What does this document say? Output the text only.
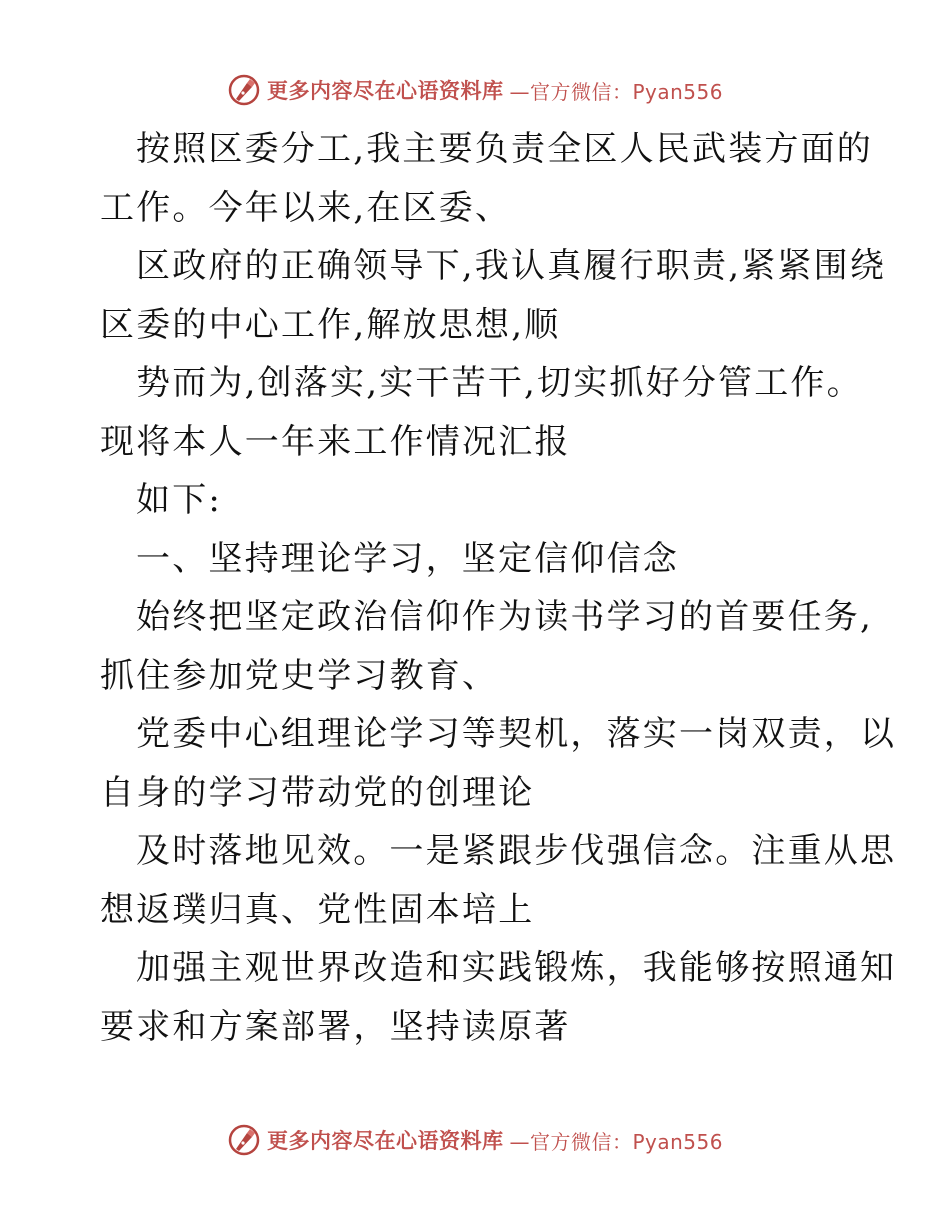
更多内容尽在心语资料库 —官方微信：Pyan556
按照区委分工,我主要负责全区人民武装方面的
工作。今年以来,在区委、
区政府的正确领导下,我认真履行职责,紧紧围绕
区委的中心工作,解放思想,顺
势而为,创落实,实干苦干,切实抓好分管工作。
现将本人一年来工作情况汇报
如下:
一、坚持理论学习，坚定信仰信念
始终把坚定政治信仰作为读书学习的首要任务,
抓住参加党史学习教育、
党委中心组理论学习等契机，落实一岗双责，以
自身的学习带动党的创理论
及时落地见效。一是紧跟步伐强信念。注重从思
想返璞归真、党性固本培上
加强主观世界改造和实践锻炼，我能够按照通知
要求和方案部署，坚持读原著
更多内容尽在心语资料库 —官方微信：Pyan556
